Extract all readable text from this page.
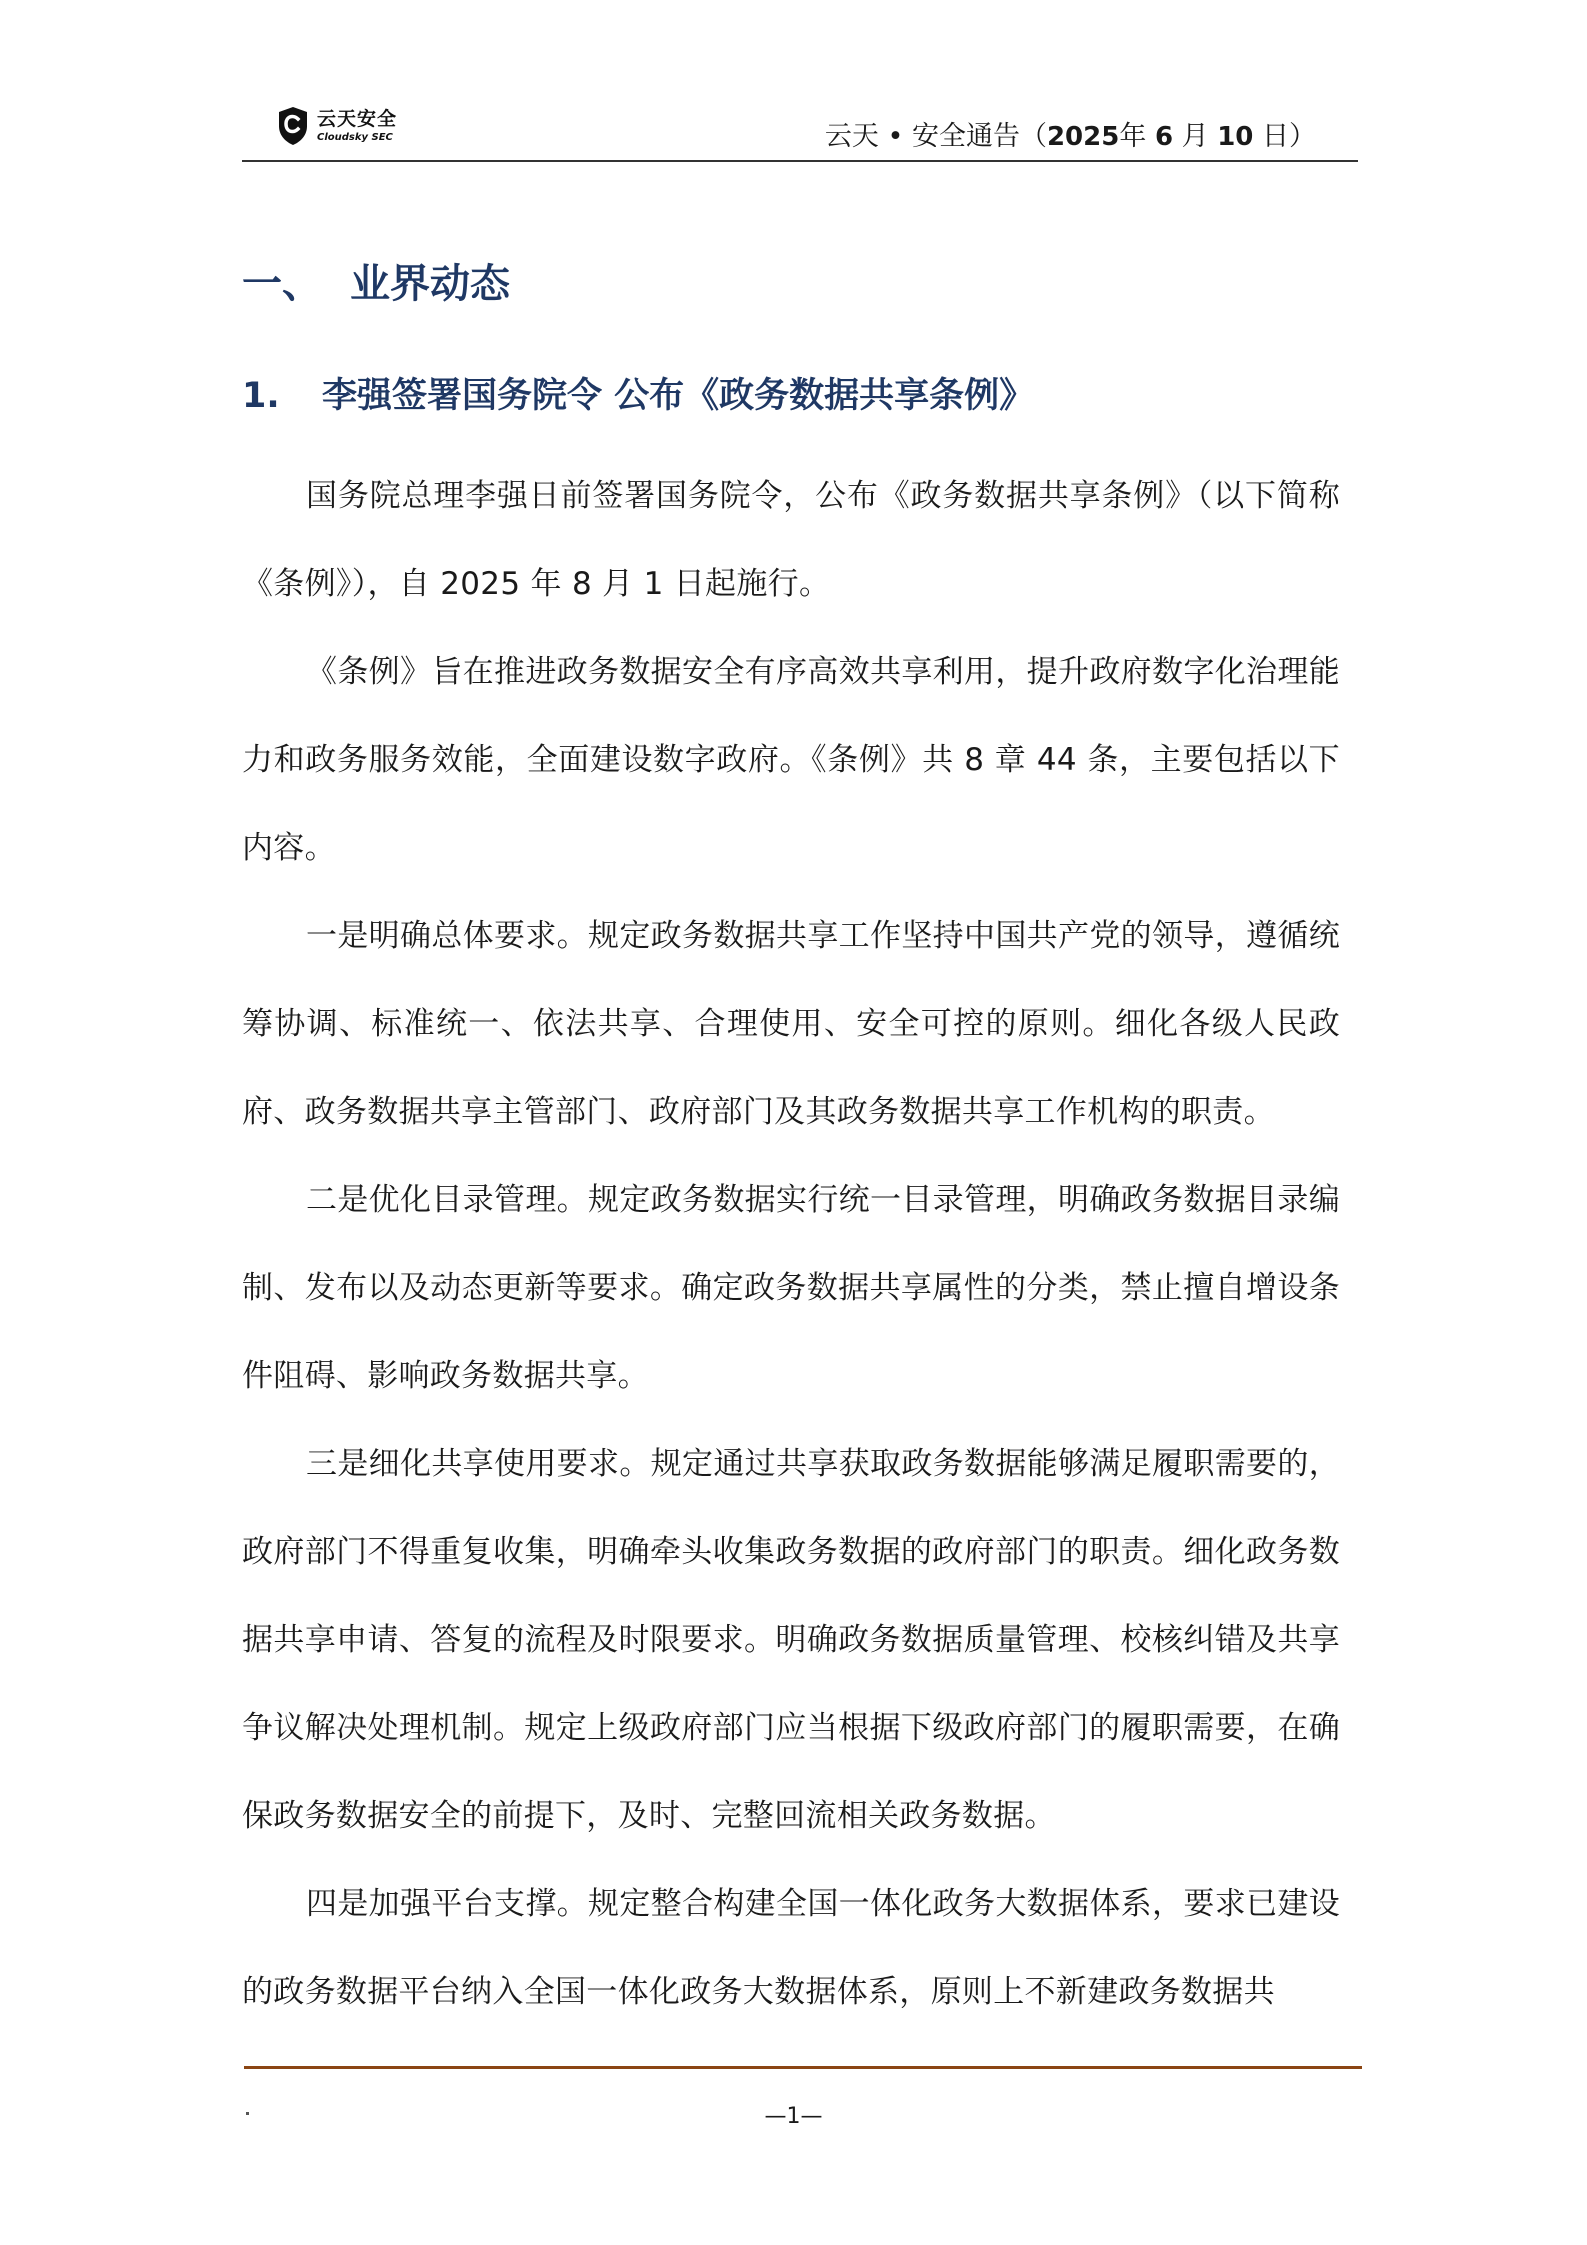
云天安全
Cloudsky SEC	云天 • 安全通告（2025年 6 月 10 日）
一、 业界动态
1. 李强签署国务院令 公布《政务数据共享条例》

国务院总理李强日前签署国务院令，公布《政务数据共享条例》（以下简称《条例》），自 2025 年 8 月 1 日起施行。

《条例》旨在推进政务数据安全有序高效共享利用，提升政府数字化治理能力和政务服务效能，全面建设数字政府。《条例》共 8 章 44 条，主要包括以下内容。

一是明确总体要求。规定政务数据共享工作坚持中国共产党的领导，遵循统筹协调、标准统一、依法共享、合理使用、安全可控的原则。细化各级人民政府、政务数据共享主管部门、政府部门及其政务数据共享工作机构的职责。

二是优化目录管理。规定政务数据实行统一目录管理，明确政务数据目录编制、发布以及动态更新等要求。确定政务数据共享属性的分类，禁止擅自增设条件阻碍、影响政务数据共享。

三是细化共享使用要求。规定通过共享获取政务数据能够满足履职需要的，政府部门不得重复收集，明确牵头收集政务数据的政府部门的职责。细化政务数据共享申请、答复的流程及时限要求。明确政务数据质量管理、校核纠错及共享争议解决处理机制。规定上级政府部门应当根据下级政府部门的履职需要，在确保政务数据安全的前提下，及时、完整回流相关政务数据。

四是加强平台支撑。规定整合构建全国一体化政务大数据体系，要求已建设的政务数据平台纳入全国一体化政务大数据体系，原则上不新建政务数据共

—1—
